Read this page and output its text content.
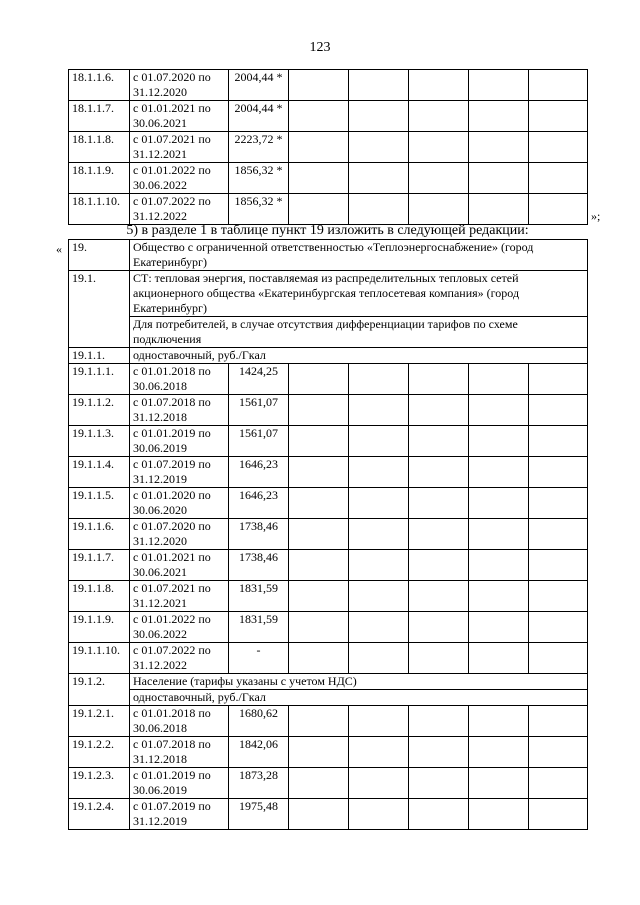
123
18.1.1.6.	с 01.07.2020 по 31.12.2020	2004,44 *					
18.1.1.7.	с 01.01.2021 по 30.06.2021	2004,44 *					
18.1.1.8.	с 01.07.2021 по 31.12.2021	2223,72 *					
18.1.1.9.	с 01.01.2022 по 30.06.2022	1856,32 *					
18.1.1.10.	с 01.07.2022 по 31.12.2022	1856,32 *					
»;
5) в разделе 1 в таблице пункт 19 изложить в следующей редакции:
« 19.	Общество с ограниченной ответственностью «Теплоэнергоснабжение» (город Екатеринбург)						
19.1.	СТ: тепловая энергия, поставляемая из распределительных тепловых сетей акционерного общества «Екатеринбургская теплосетевая компания» (город Екатеринбург)						
	Для потребителей, в случае отсутствия дифференциации тарифов по схеме подключения						
19.1.1.	одноставочный, руб./Гкал						
19.1.1.1.	с 01.01.2018 по 30.06.2018	1424,25					
19.1.1.2.	с 01.07.2018 по 31.12.2018	1561,07					
19.1.1.3.	с 01.01.2019 по 30.06.2019	1561,07					
19.1.1.4.	с 01.07.2019 по 31.12.2019	1646,23					
19.1.1.5.	с 01.01.2020 по 30.06.2020	1646,23					
19.1.1.6.	с 01.07.2020 по 31.12.2020	1738,46					
19.1.1.7.	с 01.01.2021 по 30.06.2021	1738,46					
19.1.1.8.	с 01.07.2021 по 31.12.2021	1831,59					
19.1.1.9.	с 01.01.2022 по 30.06.2022	1831,59					
19.1.1.10.	с 01.07.2022 по 31.12.2022	-					
19.1.2.	Население (тарифы указаны с учетом НДС)						
	одноставочный, руб./Гкал						
19.1.2.1.	с 01.01.2018 по 30.06.2018	1680,62					
19.1.2.2.	с 01.07.2018 по 31.12.2018	1842,06					
19.1.2.3.	с 01.01.2019 по 30.06.2019	1873,28					
19.1.2.4.	с 01.07.2019 по 31.12.2019	1975,48					
